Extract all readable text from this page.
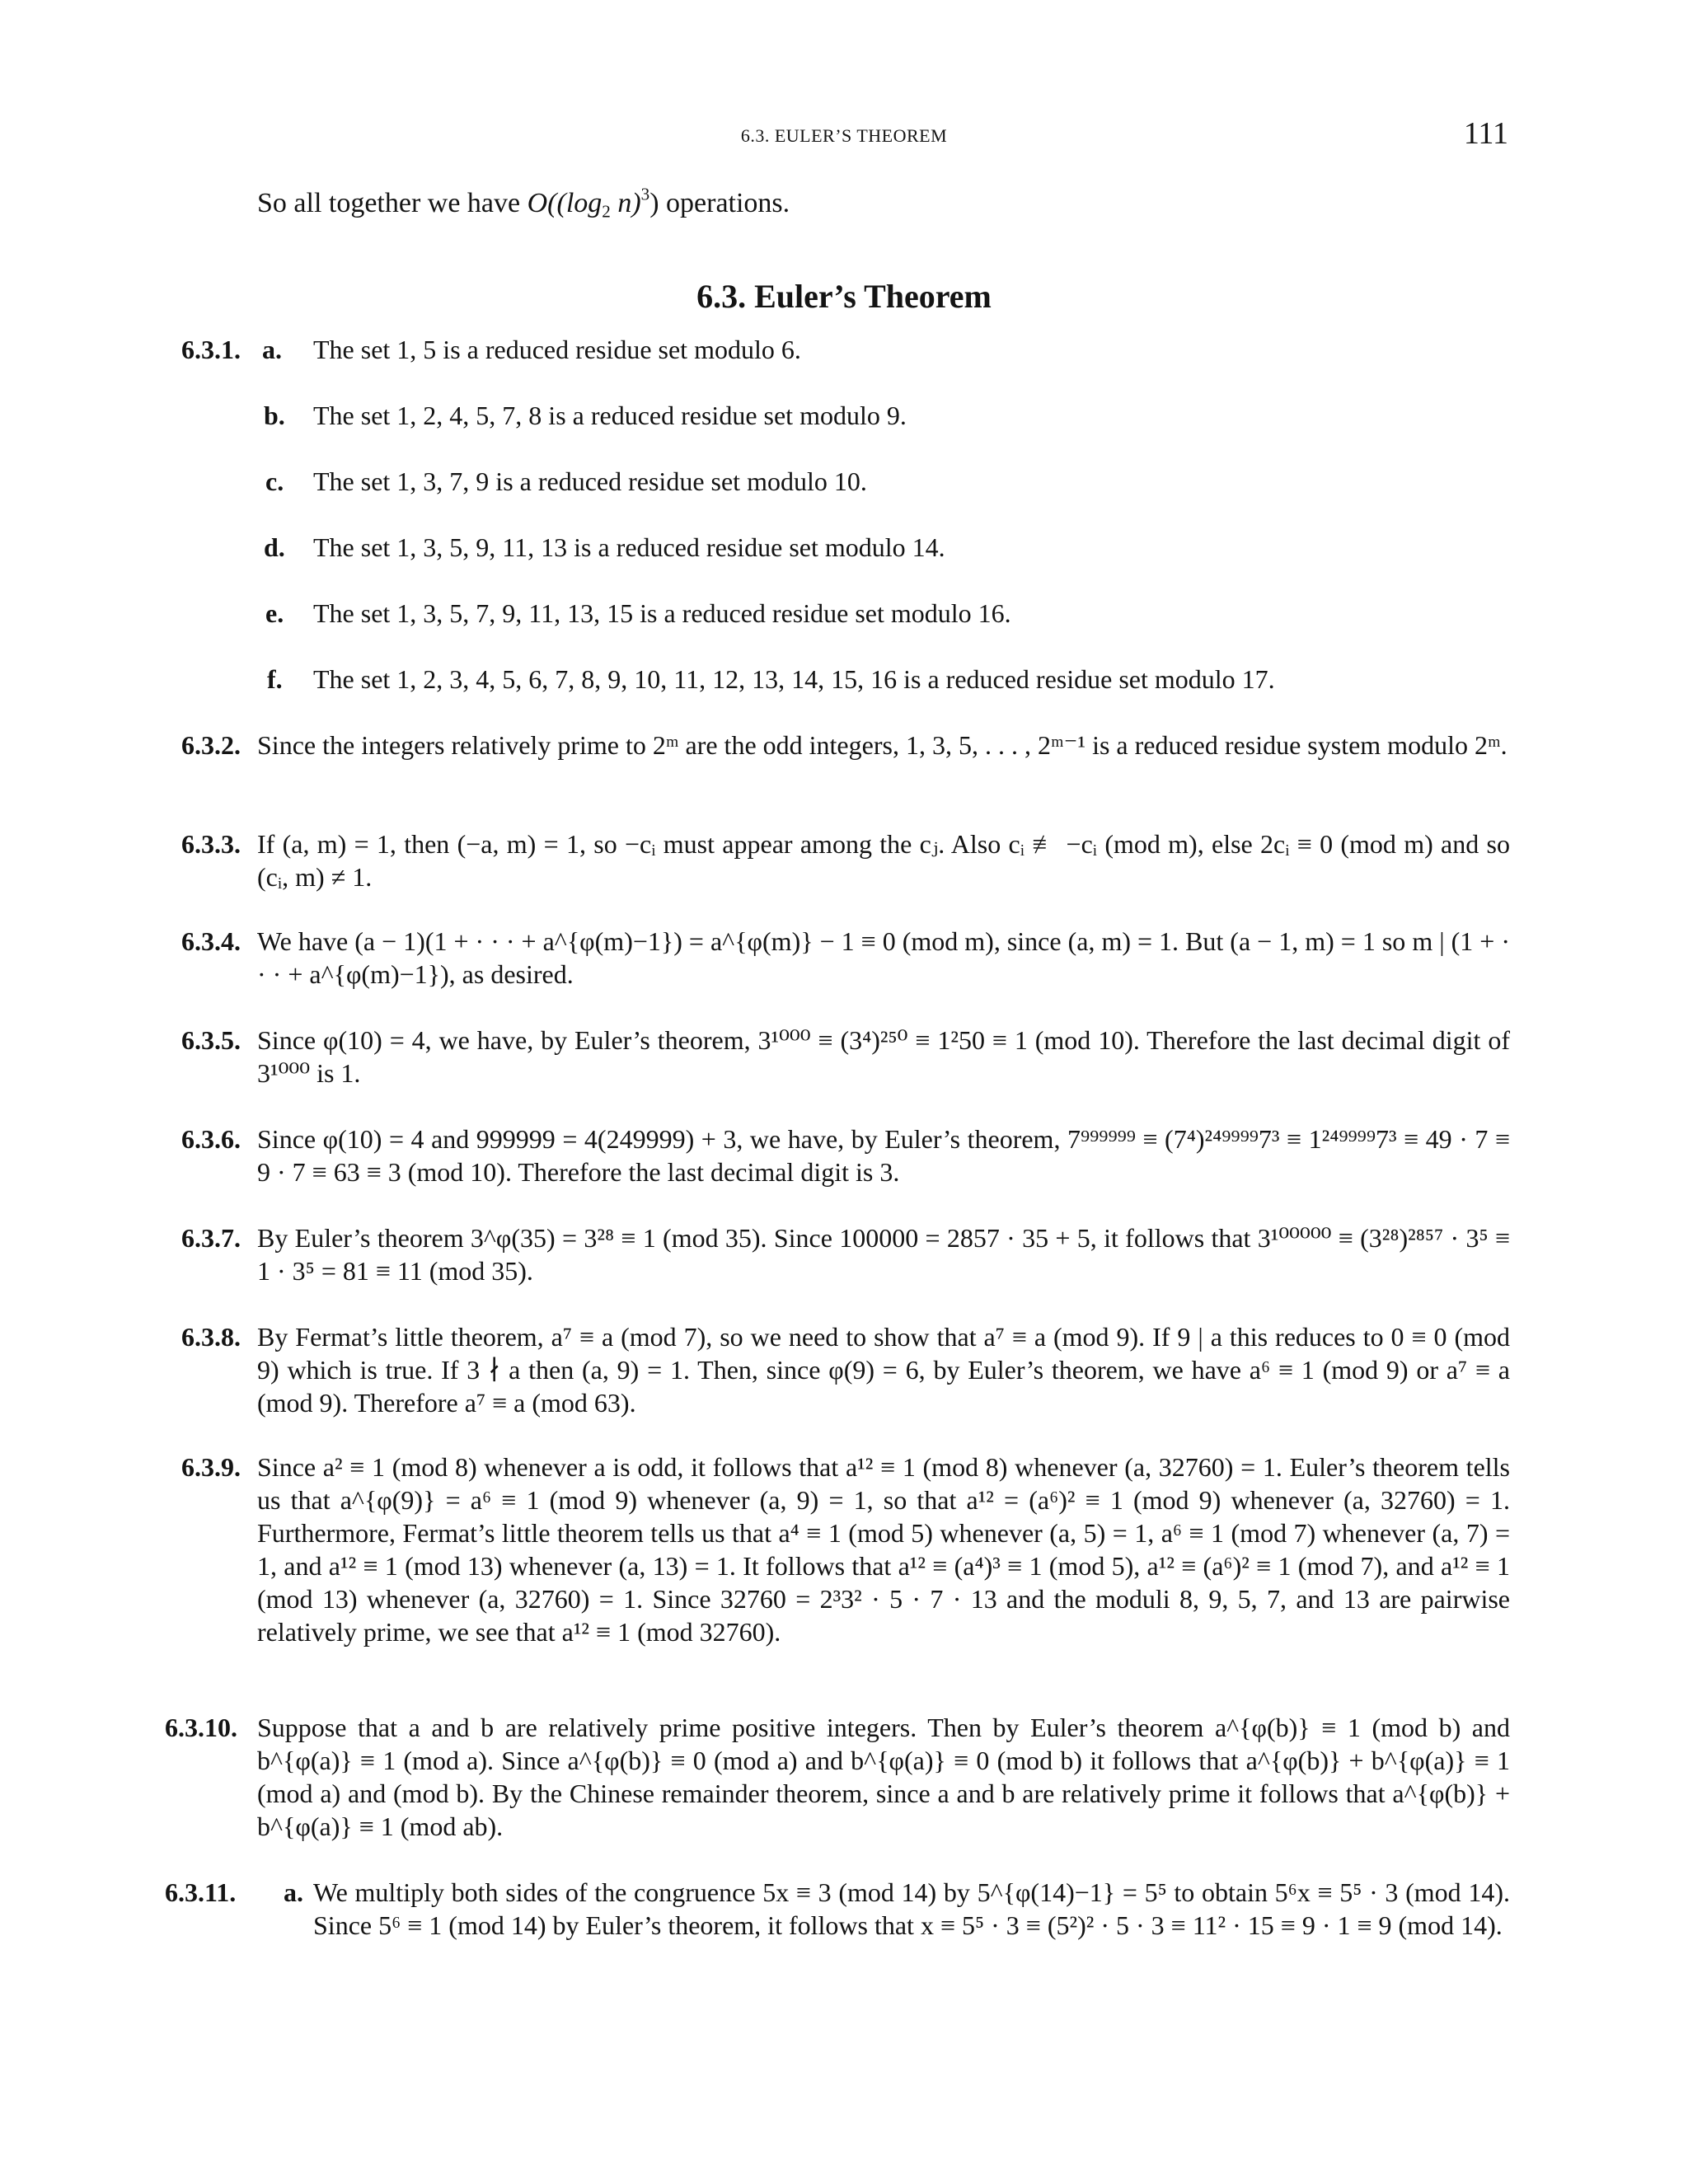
6.3. EULER’S THEOREM	111
So all together we have $O((\log_2$ n)$^3$) operations.
6.3. Euler’s Theorem
6.3.1. a. The set 1, 5 is a reduced residue set modulo 6.
b. The set 1, 2, 4, 5, 7, 8 is a reduced residue set modulo 9.
c. The set 1, 3, 7, 9 is a reduced residue set modulo 10.
d. The set 1, 3, 5, 9, 11, 13 is a reduced residue set modulo 14.
e. The set 1, 3, 5, 7, 9, 11, 13, 15 is a reduced residue set modulo 16.
f. The set 1, 2, 3, 4, 5, 6, 7, 8, 9, 10, 11, 12, 13, 14, 15, 16 is a reduced residue set modulo 17.
6.3.2. Since the integers relatively prime to 2ᵐ are the odd integers, 1, 3, 5, . . . , 2ᵐ⁻¹ is a reduced residue system modulo 2ᵐ.
6.3.3. If (a, m) = 1, then (−a, m) = 1, so −cᵢ must appear among the cⱼ. Also cᵢ ≢ −cᵢ (mod m), else 2cᵢ ≡ 0 (mod m) and so (cᵢ, m) ≠ 1.
6.3.4. We have (a − 1)(1 + · · · + a^{φ(m)−1}) = a^{φ(m)} − 1 ≡ 0 (mod m), since (a, m) = 1. But (a − 1, m) = 1 so m | (1 + · · · + a^{φ(m)−1}), as desired.
6.3.5. Since φ(10) = 4, we have, by Euler’s theorem, 3¹⁰⁰⁰ ≡ (3⁴)²⁵⁰ ≡ 1²50 ≡ 1 (mod 10). Therefore the last decimal digit of 3¹⁰⁰⁰ is 1.
6.3.6. Since φ(10) = 4 and 999999 = 4(249999) + 3, we have, by Euler’s theorem, 7⁹⁹⁹⁹⁹⁹ ≡ (7⁴)²⁴⁹⁹⁹⁹7³ ≡ 1²⁴⁹⁹⁹⁹7³ ≡ 49 · 7 ≡ 9 · 7 ≡ 63 ≡ 3 (mod 10). Therefore the last decimal digit is 3.
6.3.7. By Euler’s theorem 3^φ(35) = 3²⁸ ≡ 1 (mod 35). Since 100000 = 2857 · 35 + 5, it follows that 3¹⁰⁰⁰⁰⁰ ≡ (3²⁸)²⁸⁵⁷ · 3⁵ ≡ 1 · 3⁵ = 81 ≡ 11 (mod 35).
6.3.8. By Fermat’s little theorem, a⁷ ≡ a (mod 7), so we need to show that a⁷ ≡ a (mod 9). If 9 | a this reduces to 0 ≡ 0 (mod 9) which is true. If 3 ∤ a then (a, 9) = 1. Then, since φ(9) = 6, by Euler’s theorem, we have a⁶ ≡ 1 (mod 9) or a⁷ ≡ a (mod 9). Therefore a⁷ ≡ a (mod 63).
6.3.9. Since a² ≡ 1 (mod 8) whenever a is odd, it follows that a¹² ≡ 1 (mod 8) whenever (a, 32760) = 1. Euler’s theorem tells us that a^{φ(9)} = a⁶ ≡ 1 (mod 9) whenever (a, 9) = 1, so that a¹² = (a⁶)² ≡ 1 (mod 9) whenever (a, 32760) = 1. Furthermore, Fermat’s little theorem tells us that a⁴ ≡ 1 (mod 5) whenever (a, 5) = 1, a⁶ ≡ 1 (mod 7) whenever (a, 7) = 1, and a¹² ≡ 1 (mod 13) whenever (a, 13) = 1. It follows that a¹² ≡ (a⁴)³ ≡ 1 (mod 5), a¹² ≡ (a⁶)² ≡ 1 (mod 7), and a¹² ≡ 1 (mod 13) whenever (a, 32760) = 1. Since 32760 = 2³3² · 5 · 7 · 13 and the moduli 8, 9, 5, 7, and 13 are pairwise relatively prime, we see that a¹² ≡ 1 (mod 32760).
6.3.10. Suppose that a and b are relatively prime positive integers. Then by Euler’s theorem a^{φ(b)} ≡ 1 (mod b) and b^{φ(a)} ≡ 1 (mod a). Since a^{φ(b)} ≡ 0 (mod a) and b^{φ(a)} ≡ 0 (mod b) it follows that a^{φ(b)} + b^{φ(a)} ≡ 1 (mod a) and (mod b). By the Chinese remainder theorem, since a and b are relatively prime it follows that a^{φ(b)} + b^{φ(a)} ≡ 1 (mod ab).
6.3.11. a. We multiply both sides of the congruence 5x ≡ 3 (mod 14) by 5^{φ(14)−1} = 5⁵ to obtain 5⁶x ≡ 5⁵ · 3 (mod 14). Since 5⁶ ≡ 1 (mod 14) by Euler’s theorem, it follows that x ≡ 5⁵ · 3 ≡ (5²)² · 5 · 3 ≡ 11² · 15 ≡ 9 · 1 ≡ 9 (mod 14).
